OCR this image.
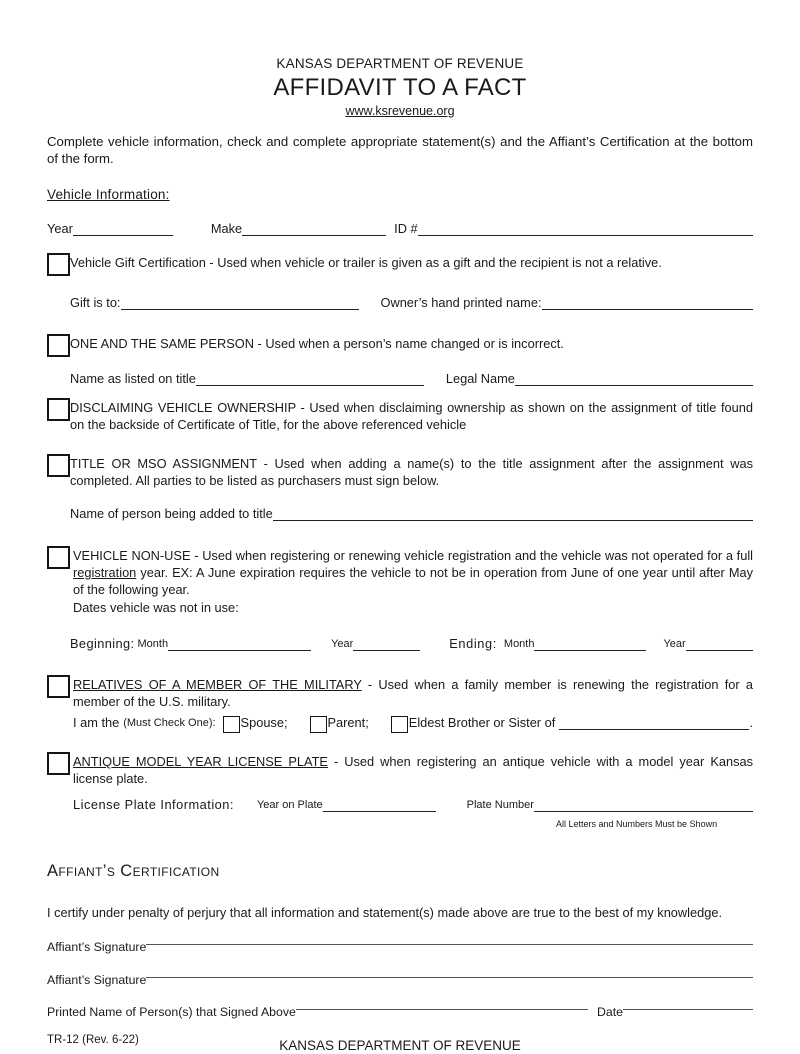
KANSAS DEPARTMENT OF REVENUE
AFFIDAVIT TO A FACT
www.ksrevenue.org

Complete vehicle information, check and complete appropriate statement(s) and the Affiant’s Certification at the bottom of the form.

Vehicle Information:
Year	Make	ID #

Vehicle Gift Certification - Used when vehicle or trailer is given as a gift and the recipient is not a relative.

Gift is to:	Owner’s hand printed name:

ONE AND THE SAME PERSON - Used when a person’s name changed or is incorrect.

Name as listed on title	Legal Name

DISCLAIMING VEHICLE OWNERSHIP - Used when disclaiming ownership as shown on the assignment of title found on the backside of Certificate of Title, for the above referenced vehicle

TITLE OR MSO ASSIGNMENT - Used when adding a name(s) to the title assignment after the assignment was completed. All parties to be listed as purchasers must sign below.

Name of person being added to title

VEHICLE NON-USE - Used when registering or renewing vehicle registration and the vehicle was not operated for a full registration year. EX: A June expiration requires the vehicle to not be in operation from June of one year until after May of the following year.

Dates vehicle was not in use:

Beginning: Month	Year	Ending: Month	Year

RELATIVES OF A MEMBER OF THE MILITARY - Used when a family member is renewing the registration for a member of the U.S. military.

I am the (Must Check One): Spouse;	Parent;	Eldest Brother or Sister of	.

ANTIQUE MODEL YEAR LICENSE PLATE - Used when registering an antique vehicle with a model year Kansas license plate.

License Plate Information: Year on Plate	Plate Number
All Letters and Numbers Must be Shown
Affiant’s Certification

I certify under penalty of perjury that all information and statement(s) made above are true to the best of my knowledge.

Affiant’s Signature
Affiant’s Signature
Printed Name of Person(s) that Signed Above	Date
TR-12 (Rev. 6-22)	KANSAS DEPARTMENT OF REVENUE
